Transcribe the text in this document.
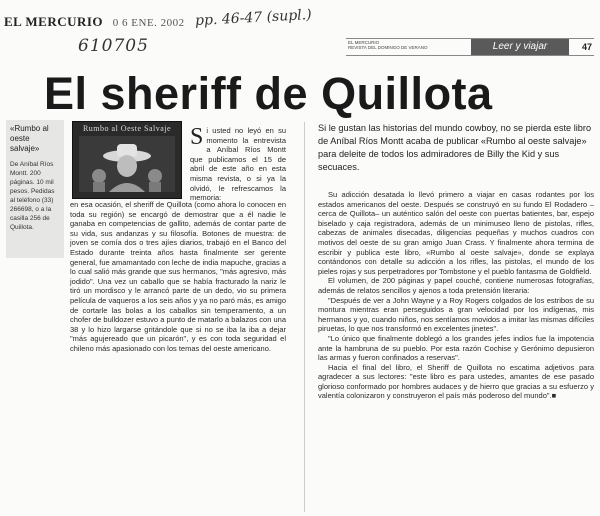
EL MERCURIO 0 6 ENE. 2002 pp. 46-47 (supl.)
610705	EL MERCURIO
REVISTA DEL DOMINGO DE VERANO	Leer y viajar	47
El sheriff de Quillota
«Rumbo al oeste salvaje»
De Aníbal Ríos Montt. 200 páginas. 10 mil pesos. Pedidas al teléfono (33) 266698, o a la casilla 256 de Quillota.
Rumbo al Oeste Salvaje Si usted no leyó en su momento la entrevista a Aníbal Ríos Montt que publicamos el 15 de abril de este año en esta misma revista, o si ya la olvidó, le refrescamos la memoria:
en esa ocasión, el sheriff de Quillota (como ahora lo conocen en toda su región) se encargó de demostrar que a él nadie le ganaba en competencias de gallito, además de contar parte de su vida, sus andanzas y su filosofía. Botones de muestra: de joven se comía dos o tres ajíes diarios, trabajó en el Banco del Estado durante treinta años hasta finalmente ser gerente general, fue amamantado con leche de india mapuche, gracias a lo cual salió más grande que sus hermanos, "más agresivo, más jodido". Una vez un caballo que se había fracturado la nariz le tiró un mordisco y le arrancó parte de un dedo, vio su primera película de vaqueros a los seis años y ya no paró más, es amigo de cortarle las bolas a los caballos sin temperamento, a un chofer de bulldozer estuvo a punto de matarlo a balazos con una 38 y lo hizo largarse gritándole que si no se iba la iba a dejar "más agujereado que un picarón", y es con toda seguridad el chileno más apasionado con los temas del oeste americano.
Si le gustan las historias del mundo cowboy, no se pierda este libro de Aníbal Ríos Montt acaba de publicar «Rumbo al oeste salvaje» para deleite de todos los admiradores de Billy the Kid y sus secuaces.

Su adicción desatada lo llevó primero a viajar en casas rodantes por los estados americanos del oeste. Después se construyó en su fundo El Rodadero –cerca de Quillota– un auténtico salón del oeste con puertas batientes, bar, espejo biselado y caja registradora, además de un minimuseo lleno de pistolas, rifles, cabezas de animales disecadas, diligencias pequeñas y muchos cuadros con motivos del oeste de su gran amigo Juan Crass. Y finalmente ahora termina de escribir y publica este libro, «Rumbo al oeste salvaje», donde se explaya contándonos con detalle su adicción a los rifles, las pistolas, el mundo de los pieles rojas y sus perpetradores por Tombstone y el pueblo fantasma de Goldfield.

El volumen, de 200 páginas y papel couché, contiene numerosas fotografías, además de relatos sencillos y ajenos a toda pretensión literaria:

"Después de ver a John Wayne y a Roy Rogers colgados de los estribos de su montura mientras eran perseguidos a gran velocidad por los indígenas, mis hermanos y yo, cuando niños, nos sentíamos movidos a imitar las mismas difíciles piruetas, lo que nos transformó en excelentes jinetes".

"Lo único que finalmente doblegó a los grandes jefes indios fue la impotencia ante la hambruna de su pueblo. Por esta razón Cochise y Gerónimo depusieron las armas y fueron confinados a reservas".

Hacia el final del libro, el Sheriff de Quillota no escatima adjetivos para agradecer a sus lectores: "este libro es para ustedes, amantes de ese pasado glorioso conformado por hombres audaces y de hierro que gracias a su esfuerzo y valentía colonizaron y construyeron el país más poderoso del mundo".■
